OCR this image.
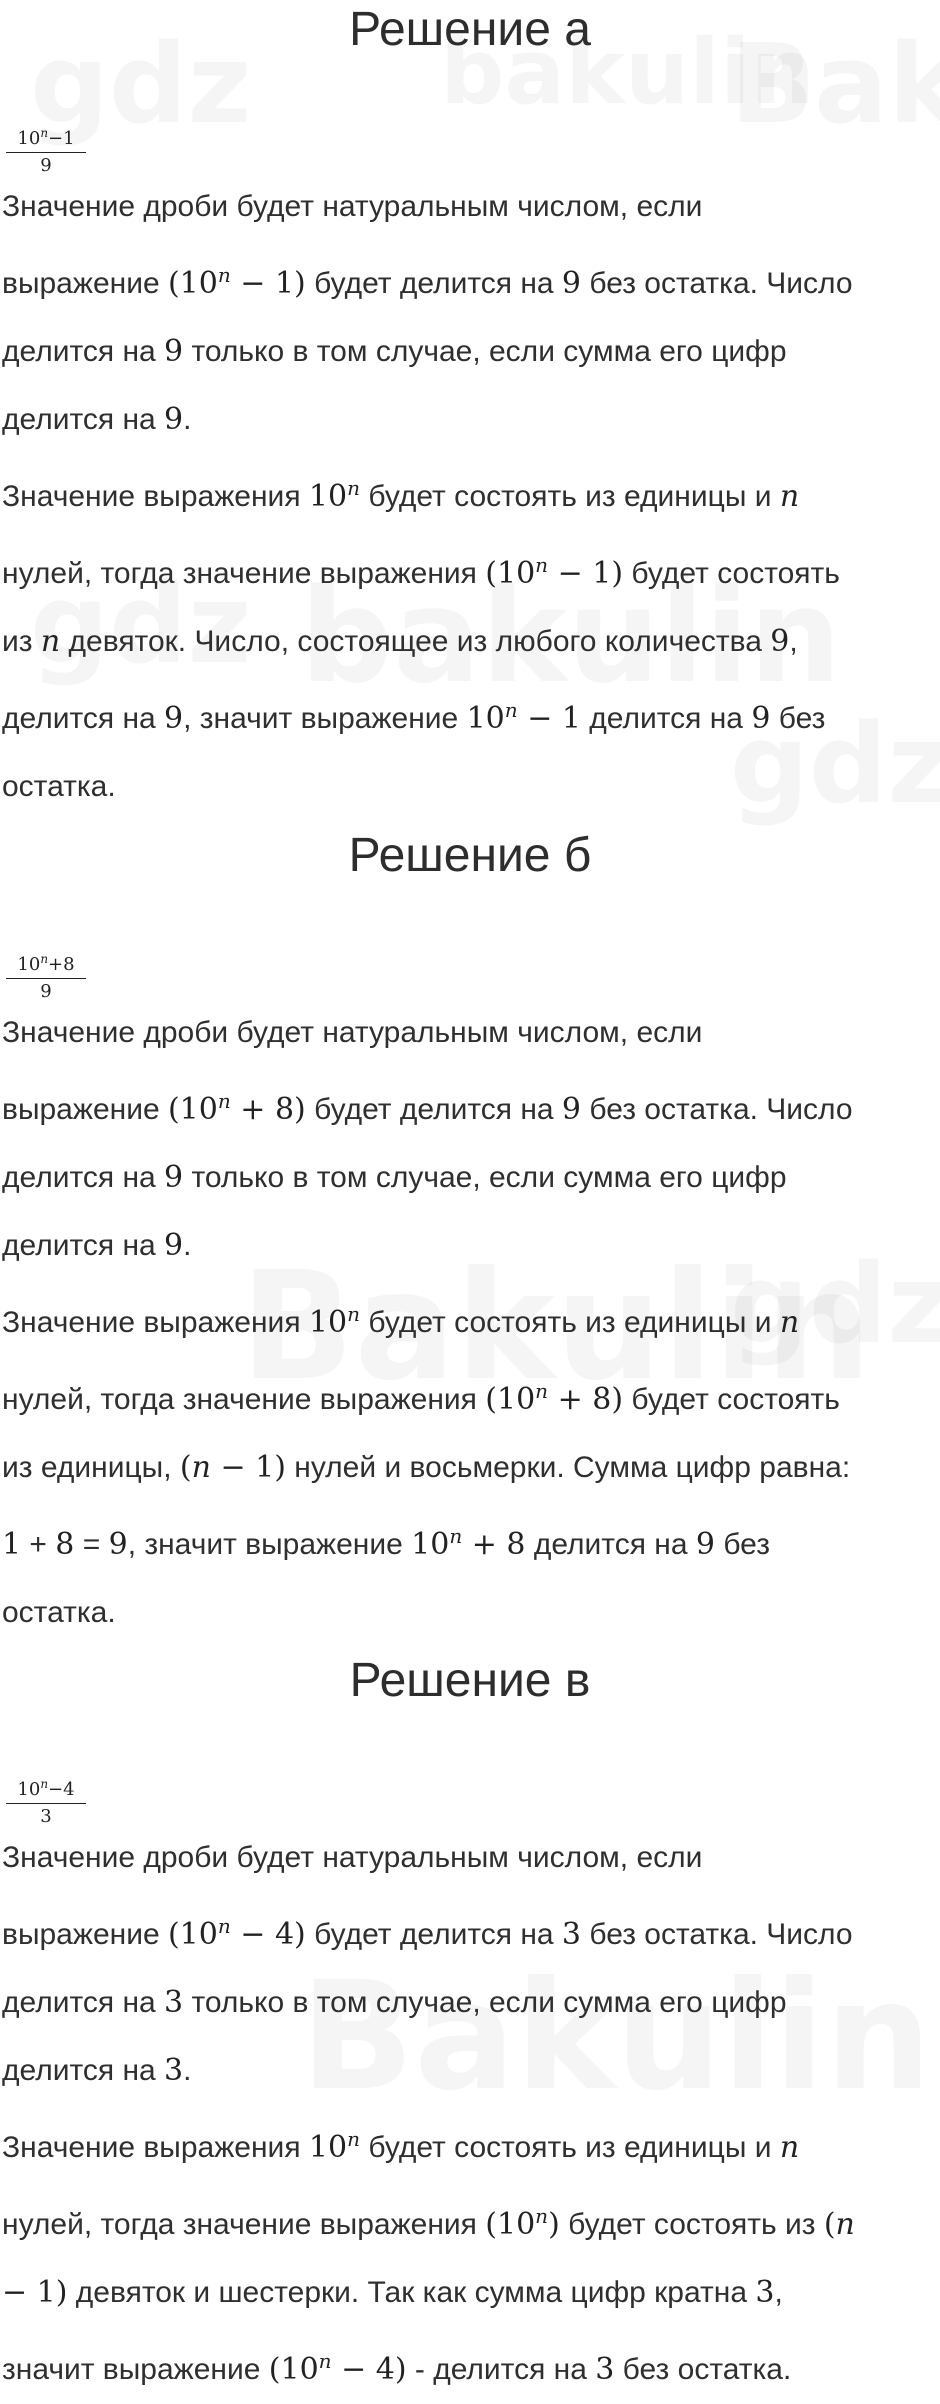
Решение а
$10^n-1$
9

Значение дроби будет натуральным числом, если

выражение $(10^n - 1)$ будет делится на 9 без остатка. Число

делится на 9 только в том случае, если сумма его цифр

делится на 9.

Значение выражения 10$^n$ будет состоять из единицы и n

нулей, тогда значение выражения $(10^n - 1)$ будет состоять

из n девяток. Число, состоящее из любого количества 9,

делится на 9, значит выражение $10^n - 1$ делится на 9 без

остатка.

Решение б
$10^n+8$
9

Значение дроби будет натуральным числом, если

выражение $(10^n + 8)$ будет делится на 9 без остатка. Число

делится на 9 только в том случае, если сумма его цифр

делится на 9.

Значение выражения 10$^n$ будет состоять из единицы и n

нулей, тогда значение выражения $(10^n + 8)$ будет состоять

из единицы, (n − 1) нулей и восьмерки. Сумма цифр равна:

1 + 8 = 9, значит выражение $10^n + 8$ делится на 9 без

остатка.

Решение в
$10^n-4$
3

Значение дроби будет натуральным числом, если

выражение $(10^n - 4)$ будет делится на 3 без остатка. Число

делится на 3 только в том случае, если сумма его цифр

делится на 3.

Значение выражения 10$^n$ будет состоять из единицы и n

нулей, тогда значение выражения (10$^n$) будет состоять из (n

− 1) девяток и шестерки. Так как сумма цифр кратна 3,

значит выражение $(10^n - 4)$ - делится на 3 без остатка.
